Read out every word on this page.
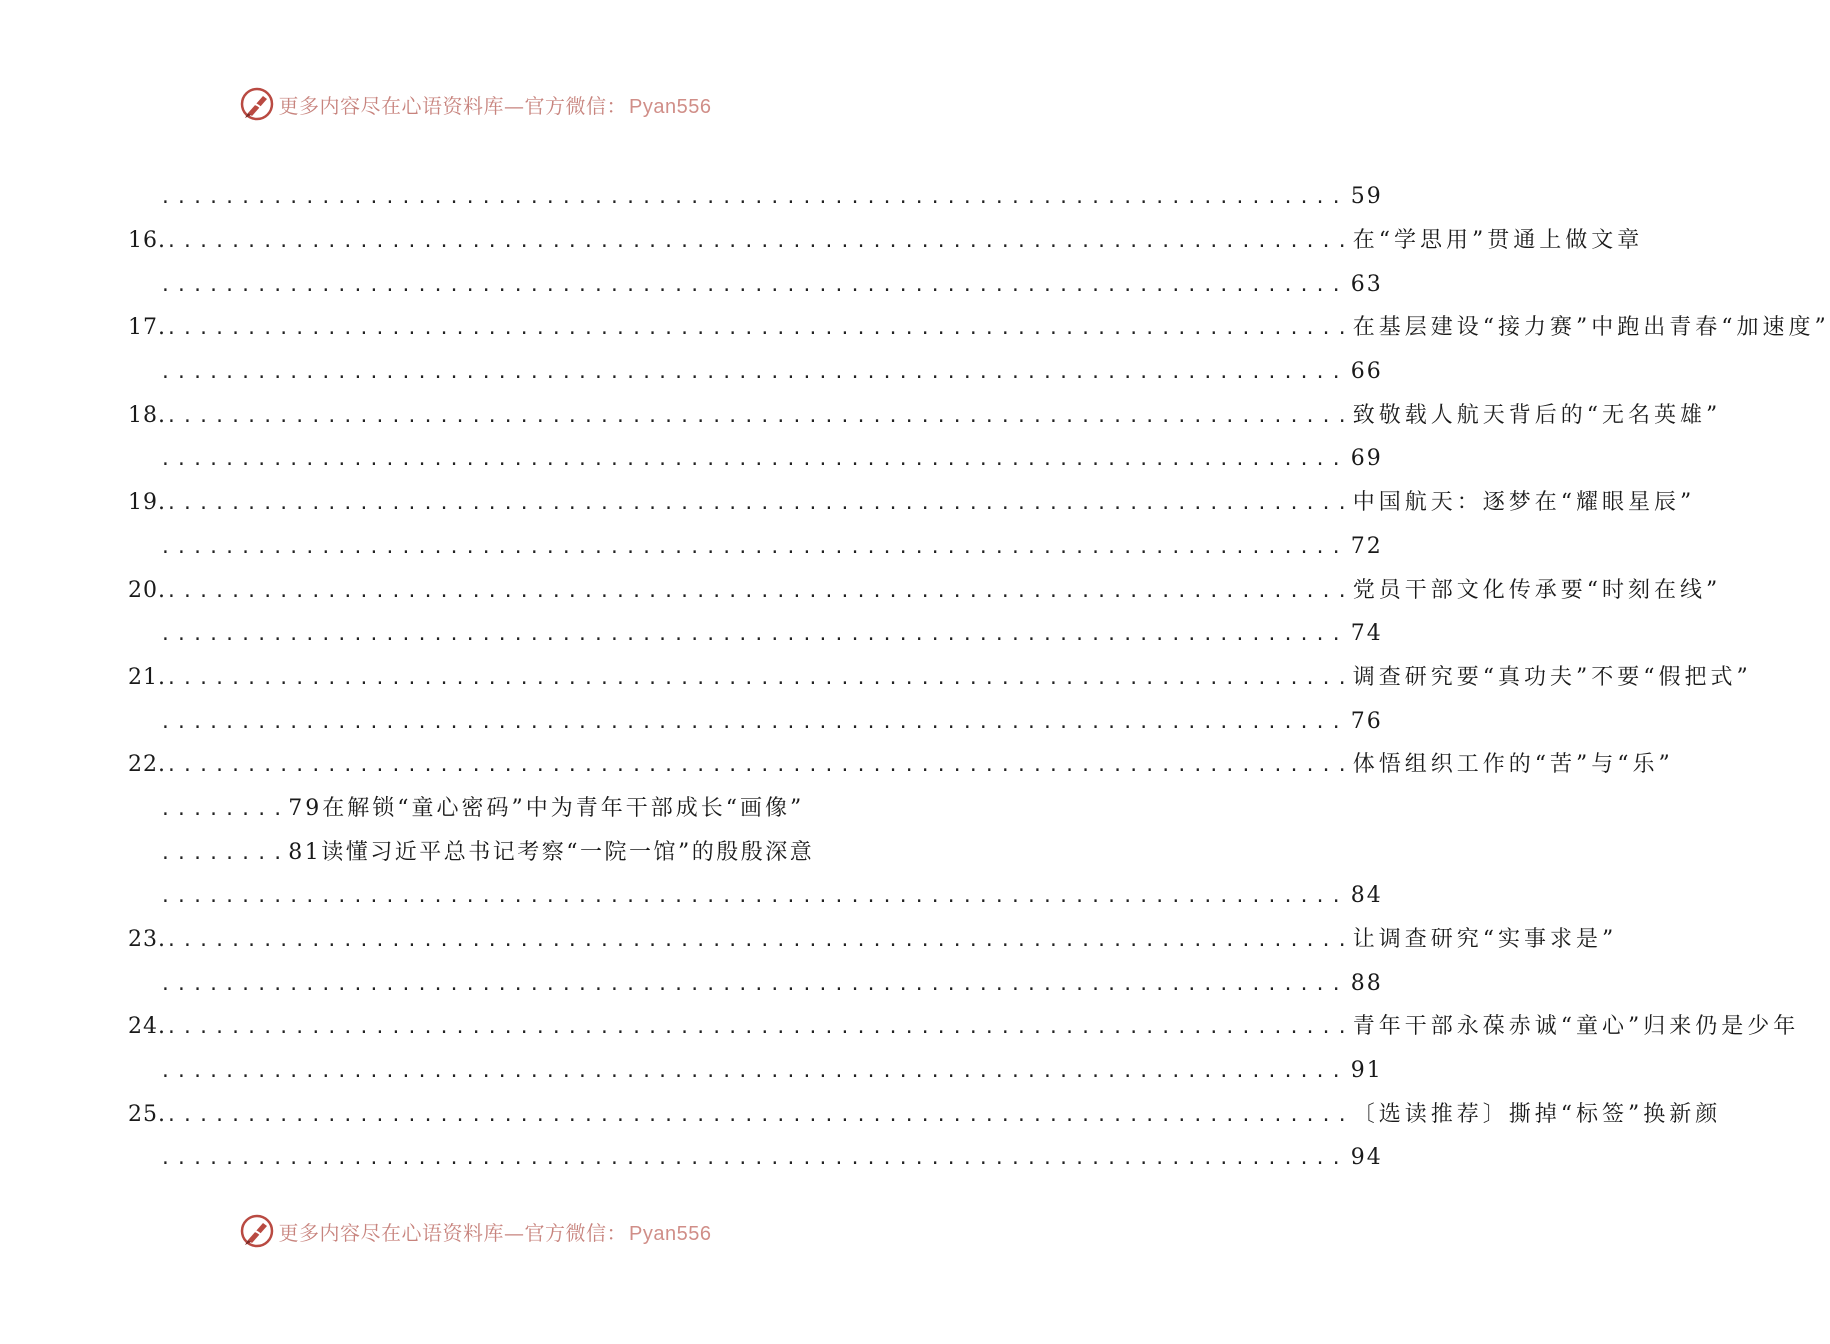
更多内容尽在心语资料库—官方微信： Pyan556
.......................................................................... 59
16. .......................................................................... 在“学思用”贯通上做文章
.......................................................................... 63
17. .......................................................................... 在基层建设“接力赛”中跑出青春“加速度”
.......................................................................... 66
18. .......................................................................... 致敬载人航天背后的“无名英雄”
.......................................................................... 69
19. .......................................................................... 中国航天：逐梦在“耀眼星辰”
.......................................................................... 72
20. .......................................................................... 党员干部文化传承要“时刻在线”
.......................................................................... 74
21. .......................................................................... 调查研究要“真功夫”不要“假把式”
.......................................................................... 76
22. .......................................................................... 体悟组织工作的“苦”与“乐”
........ 79在解锁“童心密码”中为青年干部成长“画像”
........ 81读懂习近平总书记考察“一院一馆”的殷殷深意
.......................................................................... 84
23. .......................................................................... 让调查研究“实事求是”
.......................................................................... 88
24. .......................................................................... 青年干部永葆赤诚“童心”归来仍是少年
.......................................................................... 91
25. .......................................................................... 〔选读推荐〕撕掉“标签”换新颜
.......................................................................... 94
更多内容尽在心语资料库—官方微信： Pyan556
